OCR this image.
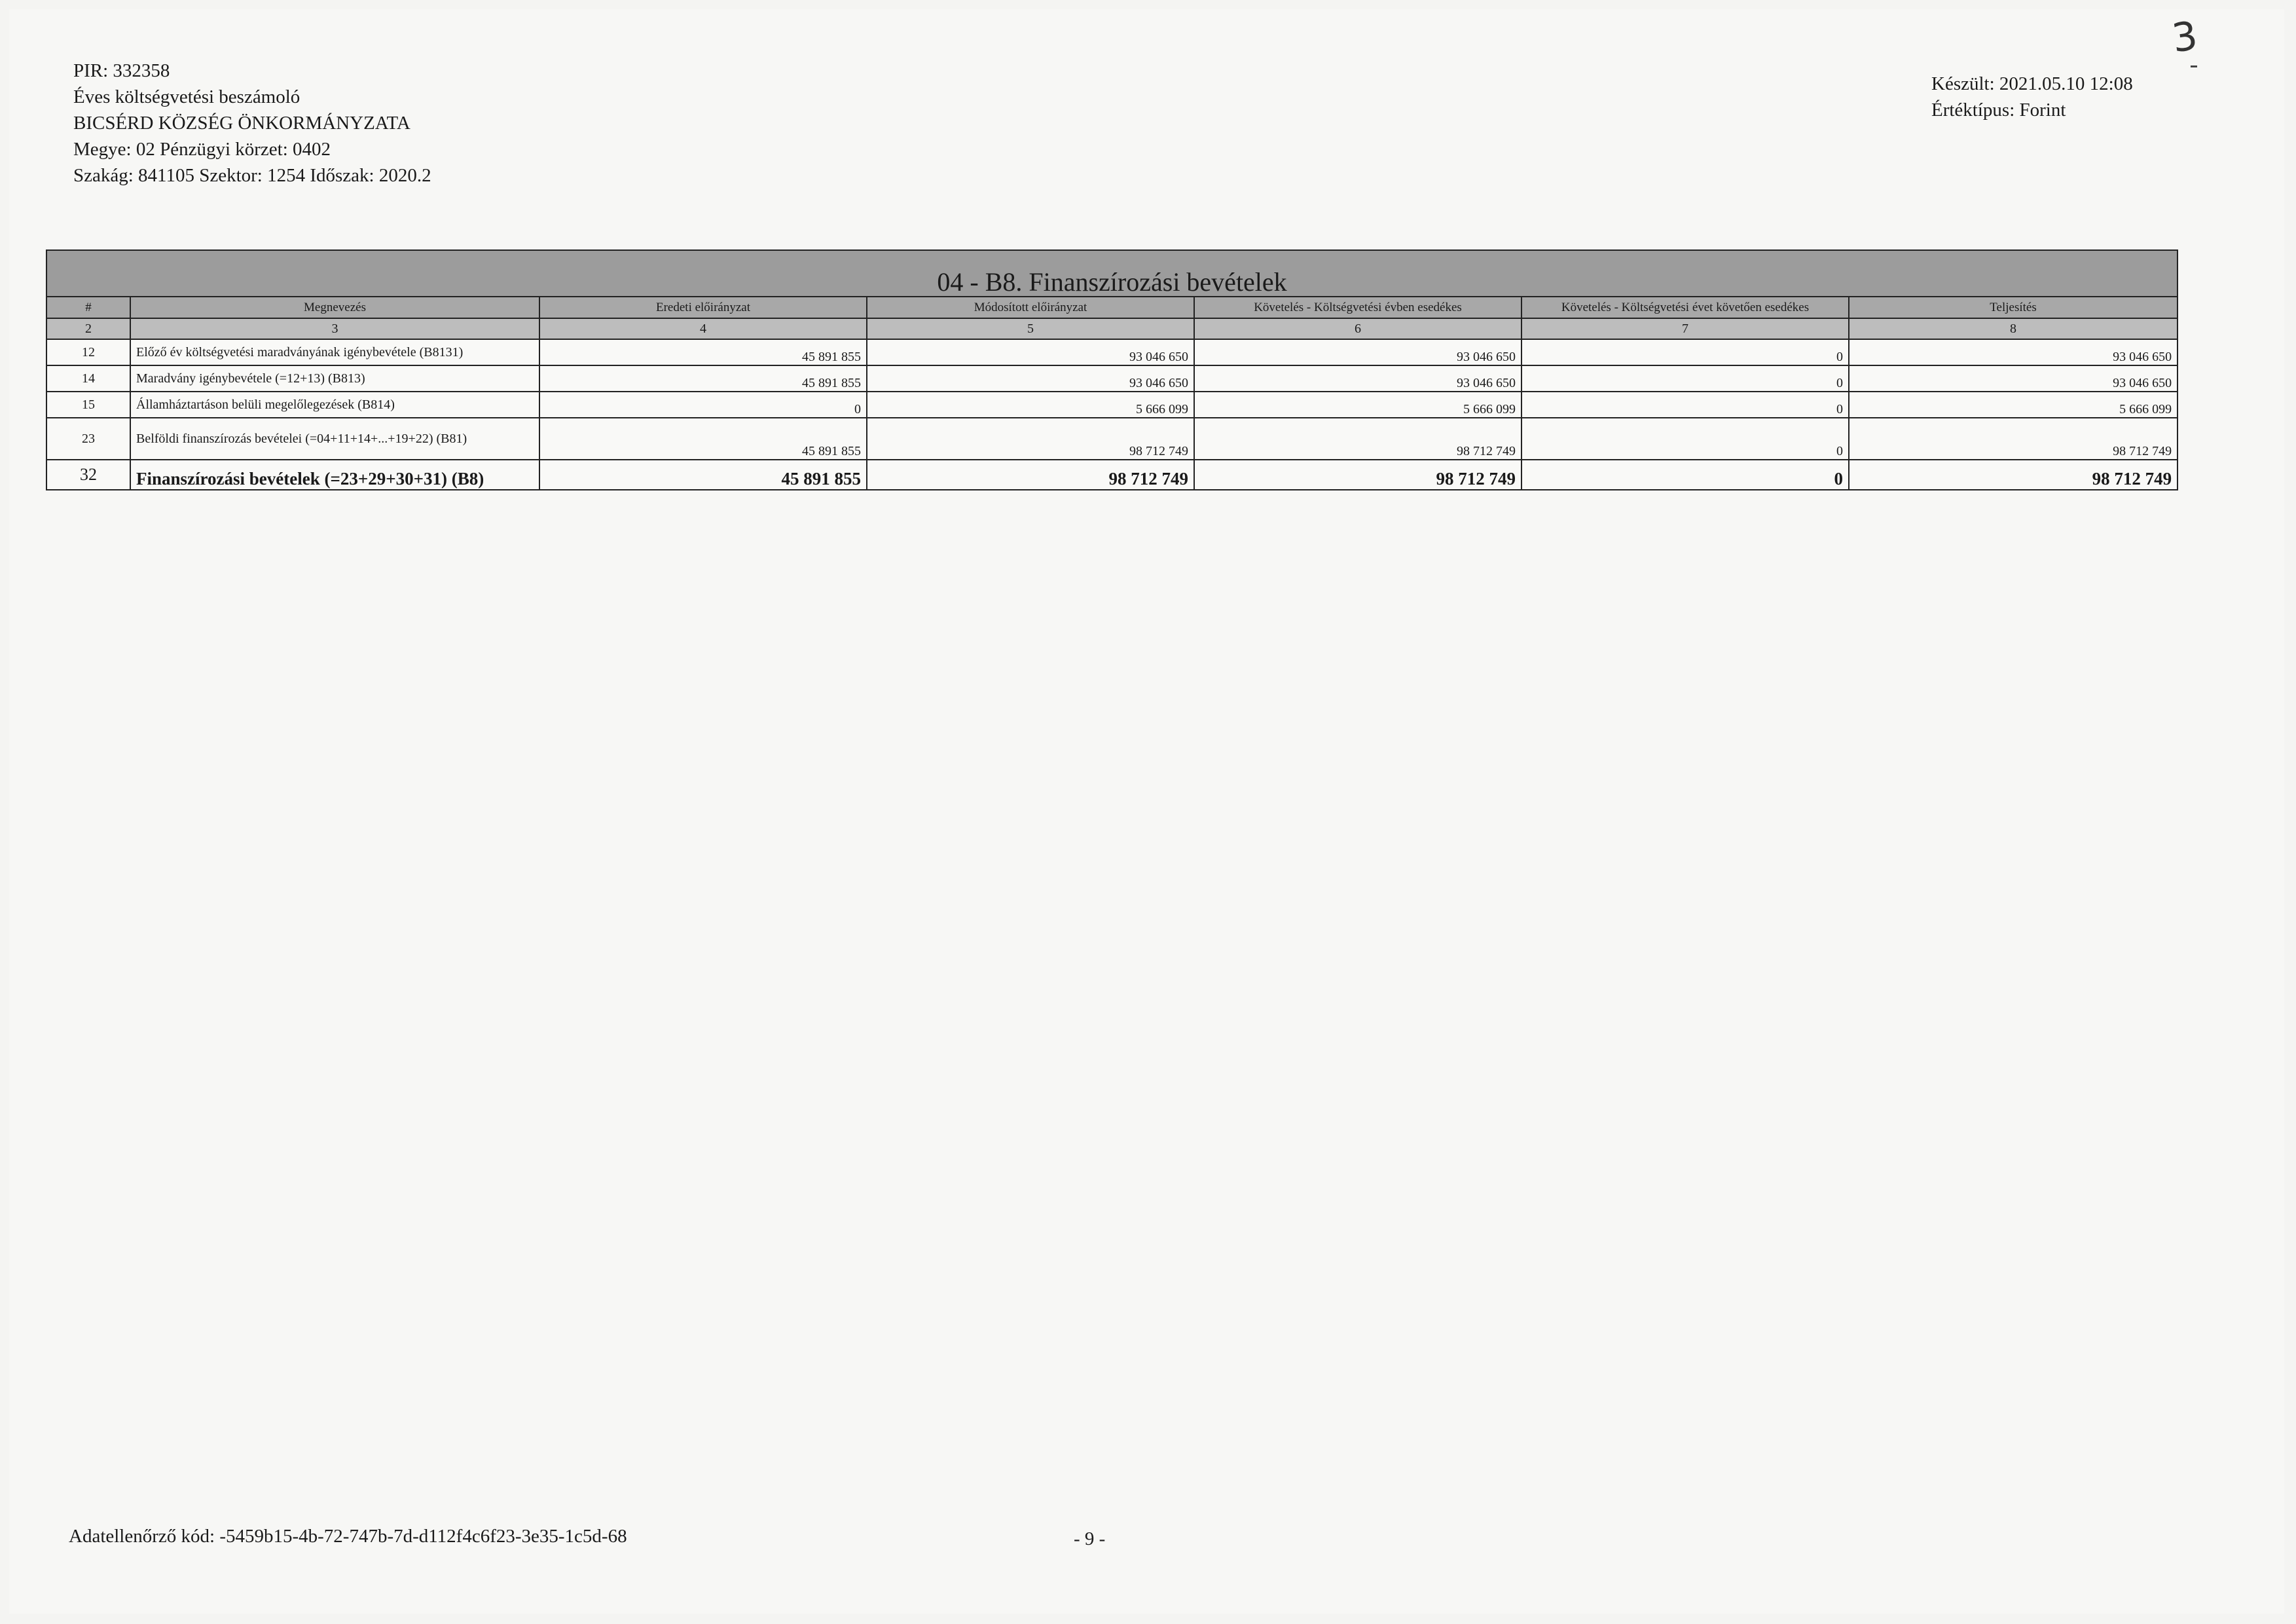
PIR: 332358
Éves költségvetési beszámoló
BICSÉRD KÖZSÉG ÖNKORMÁNYZATA
Megye: 02 Pénzügyi körzet: 0402
Szakág: 841105 Szektor: 1254 Időszak: 2020.2
Készült: 2021.05.10 12:08
Értéktípus: Forint
3
04 - B8. Finanszírozási bevételek						
#	Megnevezés	Eredeti előirányzat	Módosított előirányzat	Követelés - Költségvetési évben esedékes	Követelés - Költségvetési évet követően esedékes	Teljesítés
2	3	4	5	6	7	8
12	Előző év költségvetési maradványának igénybevétele (B8131)	45 891 855	93 046 650	93 046 650	0	93 046 650
14	Maradvány igénybevétele (=12+13) (B813)	45 891 855	93 046 650	93 046 650	0	93 046 650
15	Államháztartáson belüli megelőlegezések (B814)	0	5 666 099	5 666 099	0	5 666 099
23	Belföldi finanszírozás bevételei (=04+11+14+...+19+22) (B81)	45 891 855	98 712 749	98 712 749	0	98 712 749
32	Finanszírozási bevételek (=23+29+30+31) (B8)	45 891 855	98 712 749	98 712 749	0	98 712 749
Adatellenőrző kód: -5459b15-4b-72-747b-7d-d112f4c6f23-3e35-1c5d-68	- 9 -
